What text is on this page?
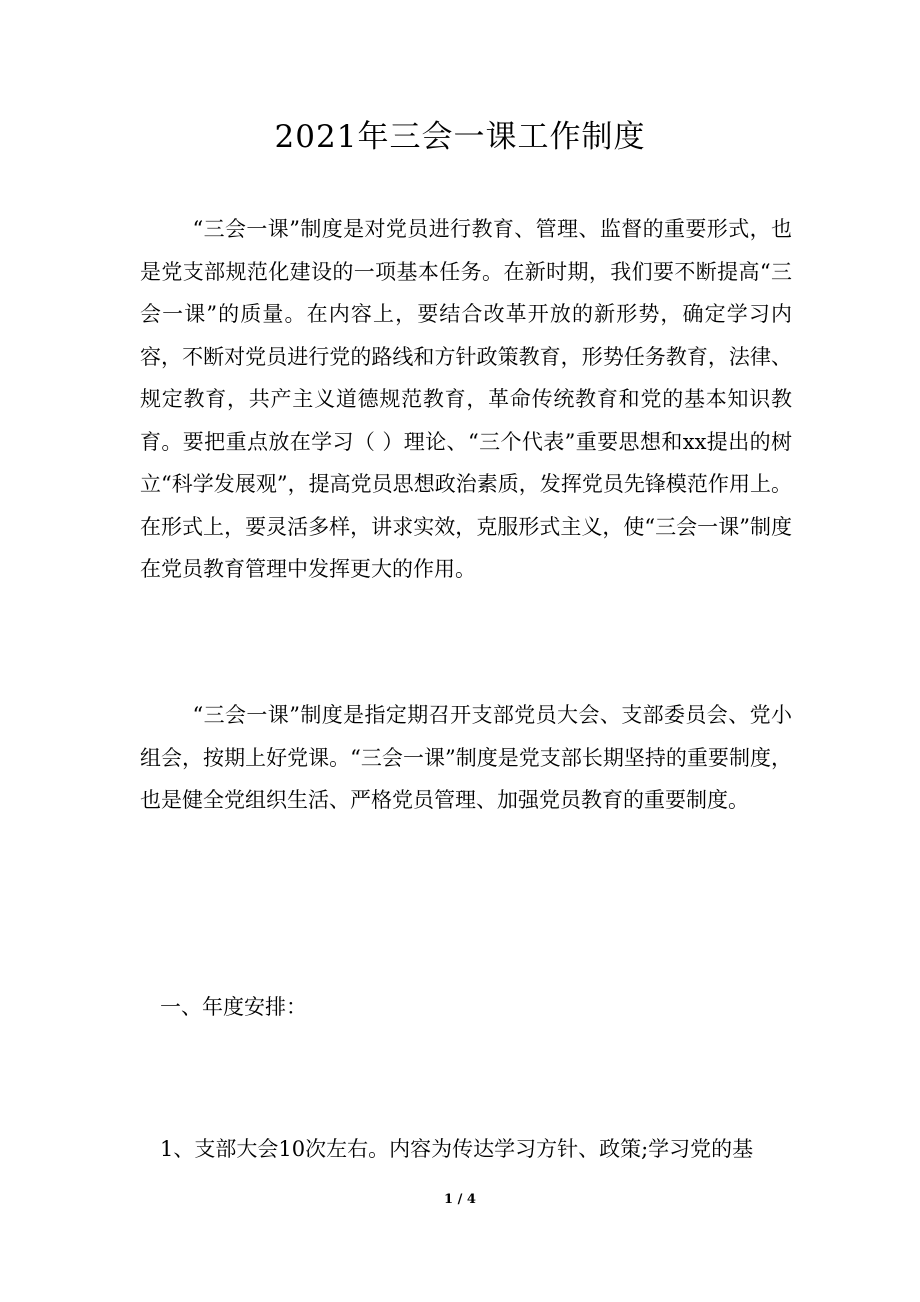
2021年三会一课工作制度

“三会一课”制度是对党员进行教育、管理、监督的重要形式，也是党支部规范化建设的一项基本任务。在新时期，我们要不断提高“三会一课”的质量。在内容上，要结合改革开放的新形势，确定学习内容，不断对党员进行党的路线和方针政策教育，形势任务教育，法律、规定教育，共产主义道德规范教育，革命传统教育和党的基本知识教育。要把重点放在学习（ ）理论、“三个代表”重要思想和xx提出的树立“科学发展观”，提高党员思想政治素质，发挥党员先锋模范作用上。在形式上，要灵活多样，讲求实效，克服形式主义，使“三会一课”制度在党员教育管理中发挥更大的作用。

“三会一课”制度是指定期召开支部党员大会、支部委员会、党小组会，按期上好党课。“三会一课”制度是党支部长期坚持的重要制度，也是健全党组织生活、严格党员管理、加强党员教育的重要制度。

一、年度安排：

1、支部大会10次左右。内容为传达学习方针、政策;学习党的基

1 / 4
